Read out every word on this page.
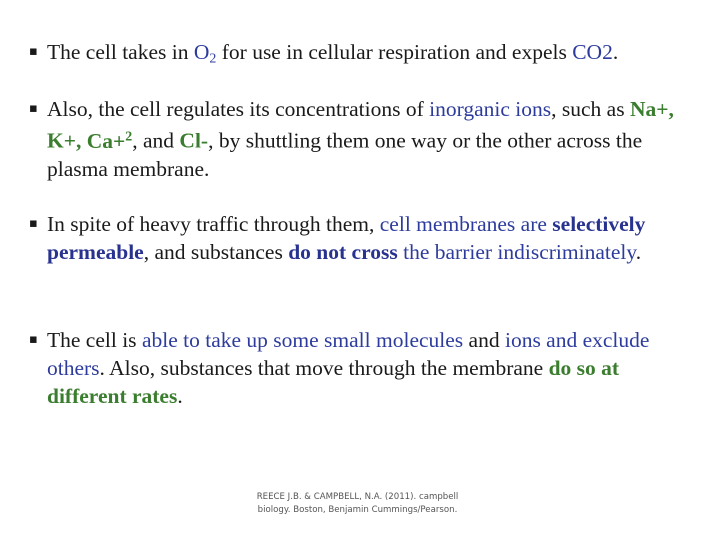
▪ The cell takes in $O_2$ for use in cellular respiration and expels CO2.
▪ Also, the cell regulates its concentrations of inorganic ions, such as Na+, K+, Ca+$^2$, and Cl-, by shuttling them one way or the other across the plasma membrane.
▪ In spite of heavy traffic through them, cell membranes are selectively permeable, and substances do not cross the barrier indiscriminately.
▪ The cell is able to take up some small molecules and ions and exclude others. Also, substances that move through the membrane do so at different rates.
REECE J.B. & CAMPBELL, N.A. (2011). campbell biology. Boston, Benjamin Cummings/Pearson.
